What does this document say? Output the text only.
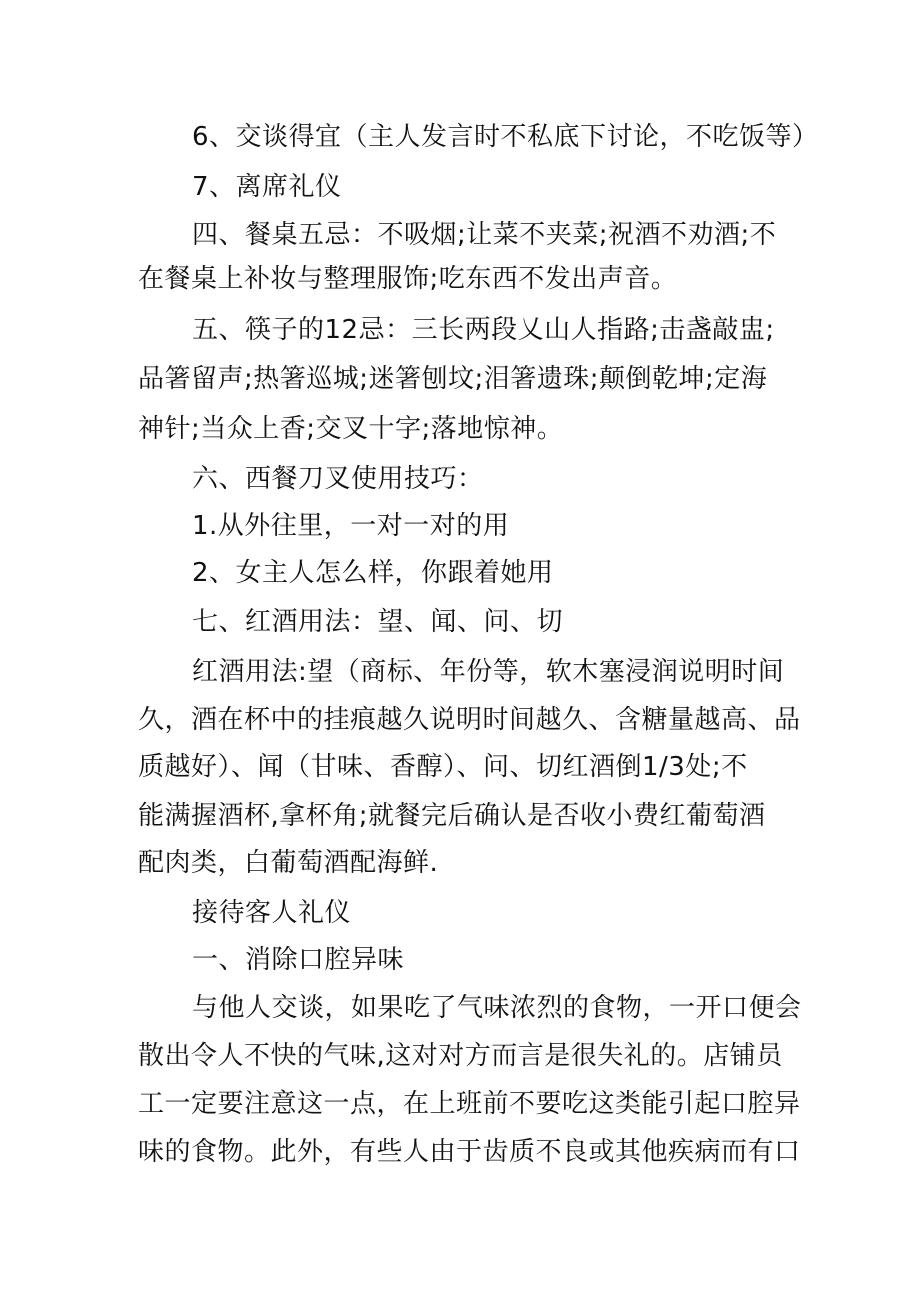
6、交谈得宜（主人发言时不私底下讨论，不吃饭等）
7、离席礼仪
四、餐桌五忌：不吸烟;让菜不夹菜;祝酒不劝酒;不
在餐桌上补妆与整理服饰;吃东西不发出声音。
五、筷子的12忌：三长两段乂山人指路;击盏敲盅;
品箸留声;热箸巡城;迷箸刨坟;泪箸遗珠;颠倒乾坤;定海
神针;当众上香;交叉十字;落地惊神。
六、西餐刀叉使用技巧：
1.从外往里，一对一对的用
2、女主人怎么样，你跟着她用
七、红酒用法：望、闻、问、切
红酒用法:望（商标、年份等，软木塞浸润说明时间
久，酒在杯中的挂痕越久说明时间越久、含糖量越高、品
质越好）、闻（甘味、香醇）、问、切红酒倒1/3处;不
能满握酒杯,拿杯角;就餐完后确认是否收小费红葡萄酒
配肉类，白葡萄酒配海鲜.
接待客人礼仪
一、消除口腔异味
与他人交谈，如果吃了气味浓烈的食物，一开口便会
散出令人不快的气味,这对对方而言是很失礼的。店铺员
工一定要注意这一点，在上班前不要吃这类能引起口腔异
味的食物。此外，有些人由于齿质不良或其他疾病而有口
